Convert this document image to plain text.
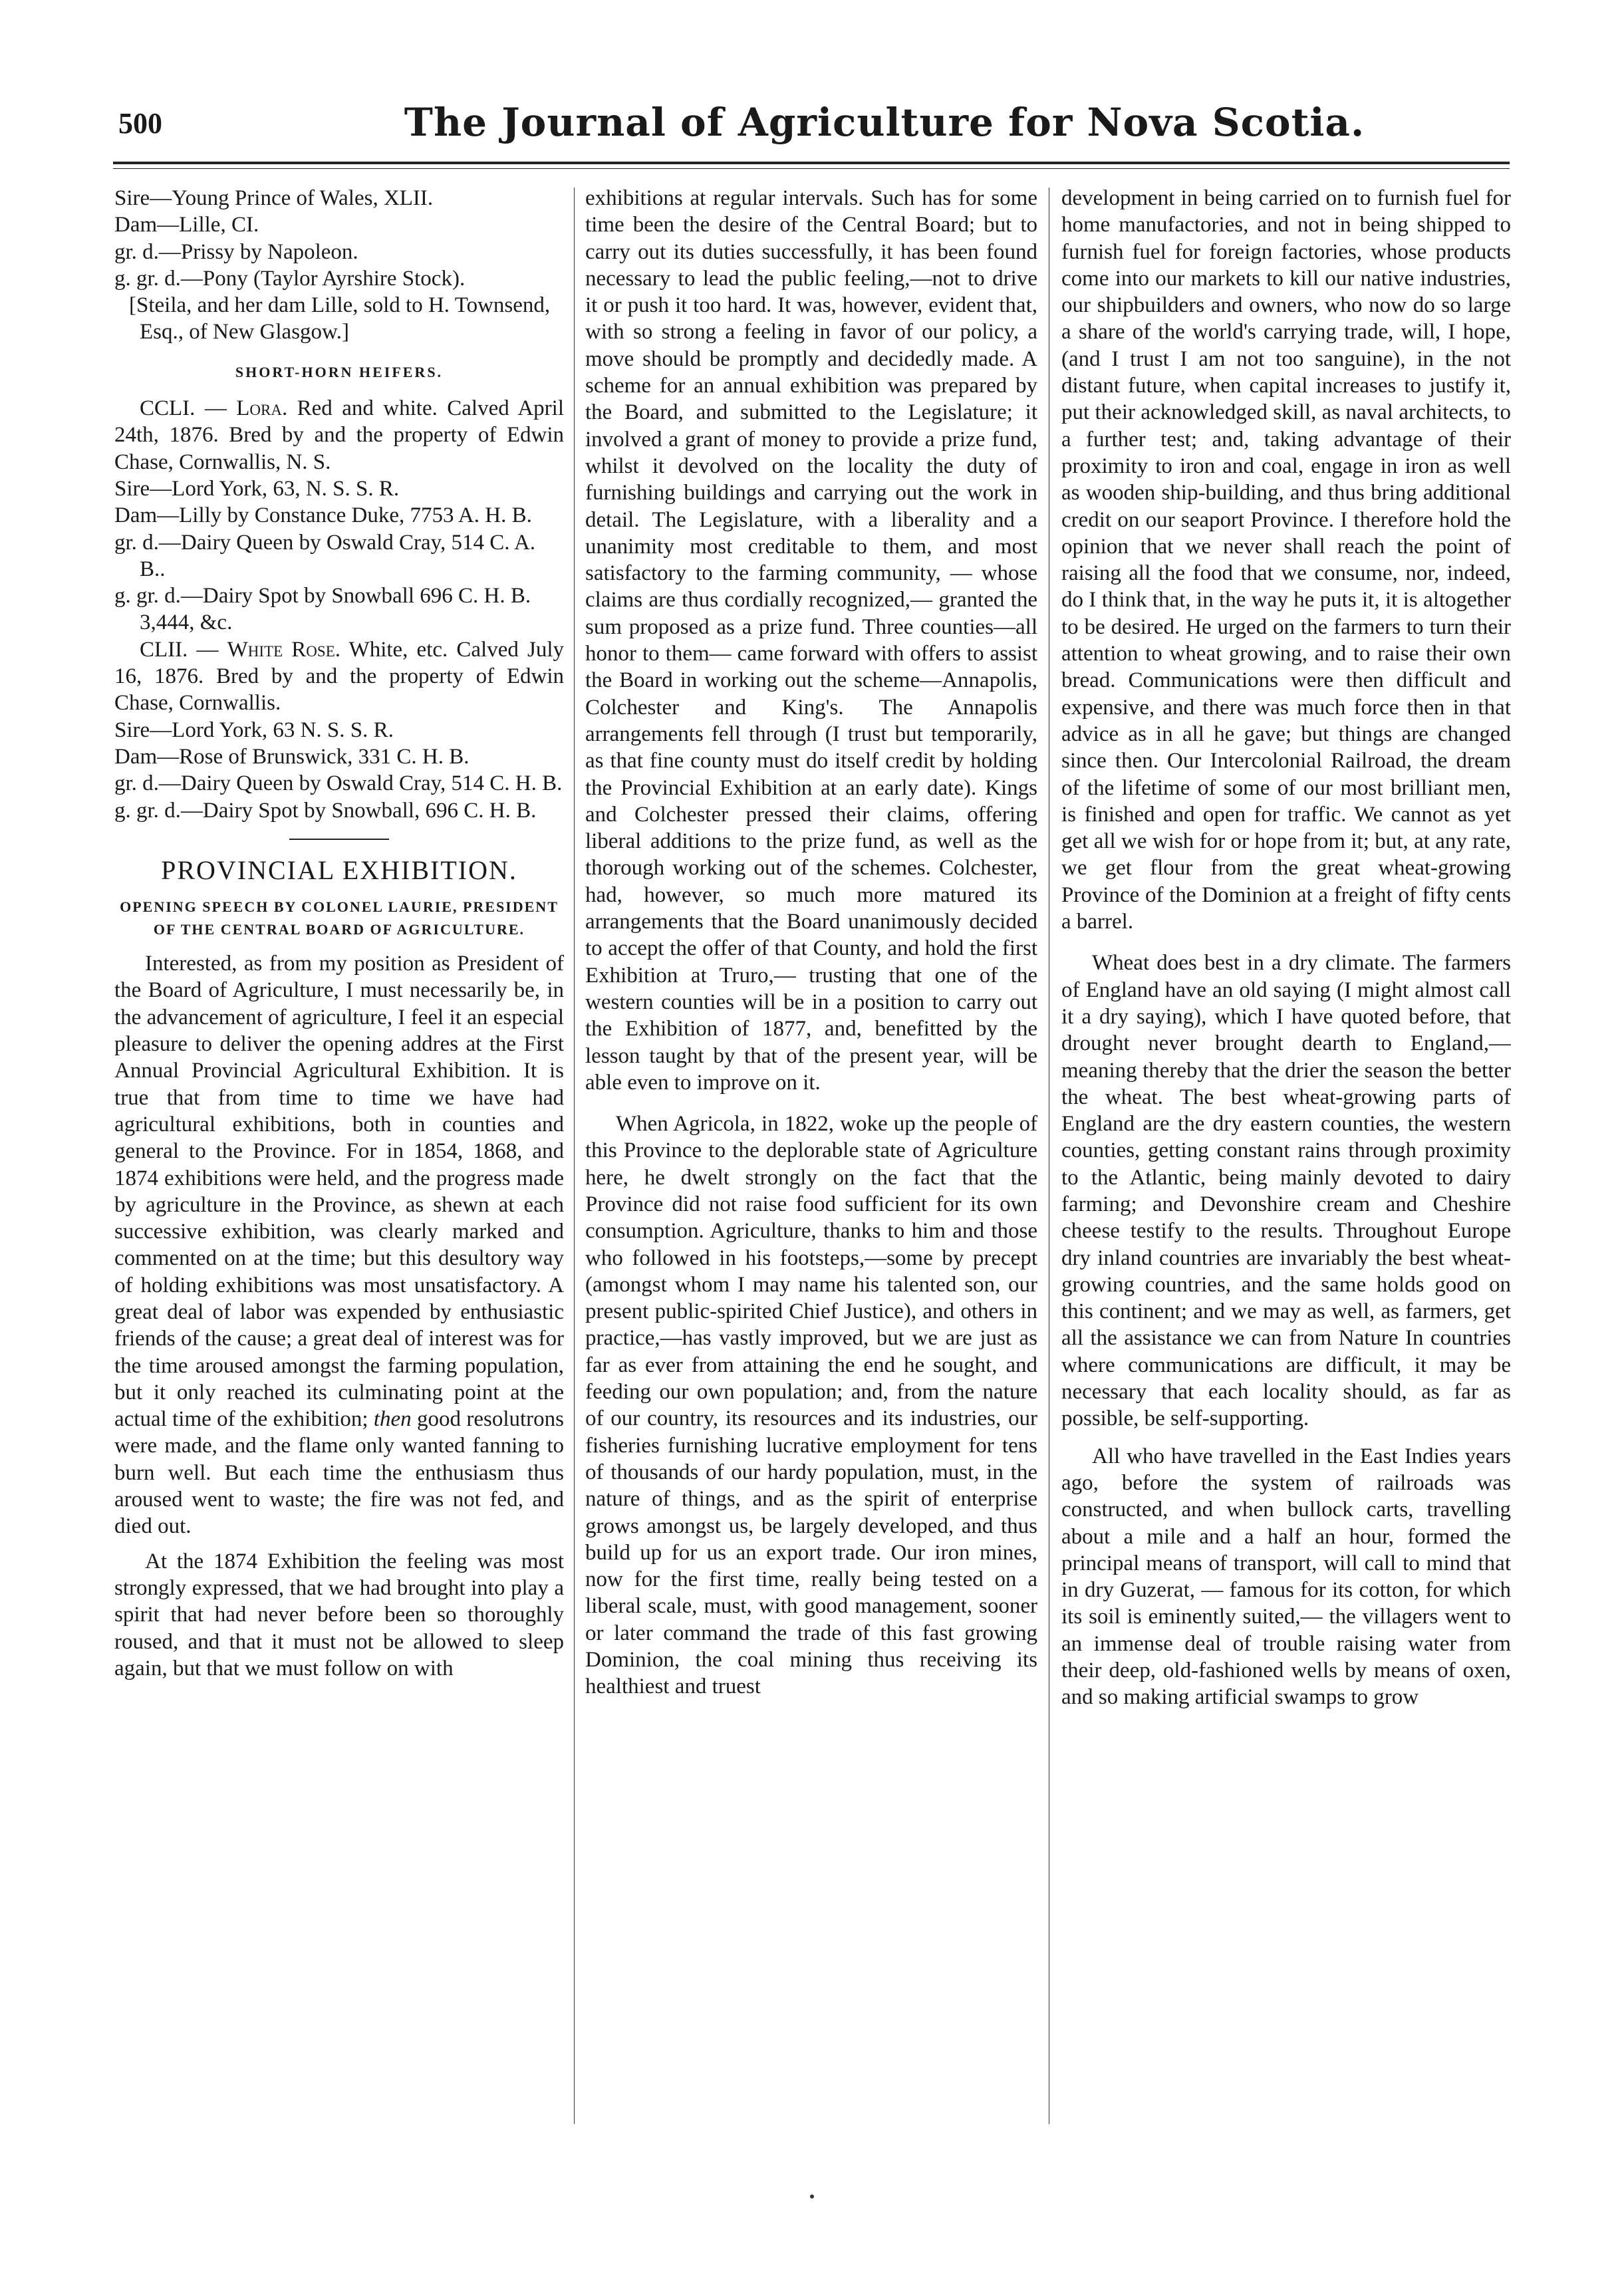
500	The Journal of Agriculture for Nova Scotia.

Sire—Young Prince of Wales, XLII.

Dam—Lille, CI.

gr. d.—Prissy by Napoleon.

g. gr. d.—Pony (Taylor Ayrshire Stock).

[Steila, and her dam Lille, sold to H. Townsend, Esq., of New Glasgow.]

SHORT-HORN HEIFERS.

CCLI. — Lora. Red and white. Calved April 24th, 1876. Bred by and the property of Edwin Chase, Cornwallis, N. S.

Sire—Lord York, 63, N. S. S. R.

Dam—Lilly by Constance Duke, 7753 A. H. B.

gr. d.—Dairy Queen by Oswald Cray, 514 C. A. B..

g. gr. d.—Dairy Spot by Snowball 696 C. H. B. 3,444, &c.

CLII. — White Rose. White, etc. Calved July 16, 1876. Bred by and the property of Edwin Chase, Cornwallis.

Sire—Lord York, 63 N. S. S. R.

Dam—Rose of Brunswick, 331 C. H. B.

gr. d.—Dairy Queen by Oswald Cray, 514 C. H. B.

g. gr. d.—Dairy Spot by Snowball, 696 C. H. B.

PROVINCIAL EXHIBITION.
OPENING SPEECH BY COLONEL LAURIE, PRESIDENT OF THE CENTRAL BOARD OF AGRICULTURE.

Interested, as from my position as President of the Board of Agriculture, I must necessarily be, in the advancement of agriculture, I feel it an especial pleasure to deliver the opening addres at the First Annual Provincial Agricultural Exhibition. It is true that from time to time we have had agricultural exhibitions, both in counties and general to the Province. For in 1854, 1868, and 1874 exhibitions were held, and the progress made by agriculture in the Province, as shewn at each successive exhibition, was clearly marked and commented on at the time; but this desultory way of holding exhibitions was most unsatisfactory. A great deal of labor was expended by enthusiastic friends of the cause; a great deal of interest was for the time aroused amongst the farming population, but it only reached its culminating point at the actual time of the exhibition; then good resolutrons were made, and the flame only wanted fanning to burn well. But each time the enthusiasm thus aroused went to waste; the fire was not fed, and died out.

At the 1874 Exhibition the feeling was most strongly expressed, that we had brought into play a spirit that had never before been so thoroughly roused, and that it must not be allowed to sleep again, but that we must follow on with

exhibitions at regular intervals. Such has for some time been the desire of the Central Board; but to carry out its duties successfully, it has been found necessary to lead the public feeling,—not to drive it or push it too hard. It was, however, evident that, with so strong a feeling in favor of our policy, a move should be promptly and decidedly made. A scheme for an annual exhibition was prepared by the Board, and submitted to the Legislature; it involved a grant of money to provide a prize fund, whilst it devolved on the locality the duty of furnishing buildings and carrying out the work in detail. The Legislature, with a liberality and a unanimity most creditable to them, and most satisfactory to the farming community, — whose claims are thus cordially recognized,— granted the sum proposed as a prize fund. Three counties—all honor to them— came forward with offers to assist the Board in working out the scheme—Annapolis, Colchester and King's. The Annapolis arrangements fell through (I trust but temporarily, as that fine county must do itself credit by holding the Provincial Exhibition at an early date). Kings and Colchester pressed their claims, offering liberal additions to the prize fund, as well as the thorough working out of the schemes. Colchester, had, however, so much more matured its arrangements that the Board unanimously decided to accept the offer of that County, and hold the first Exhibition at Truro,— trusting that one of the western counties will be in a position to carry out the Exhibition of 1877, and, benefitted by the lesson taught by that of the present year, will be able even to improve on it.

When Agricola, in 1822, woke up the people of this Province to the deplorable state of Agriculture here, he dwelt strongly on the fact that the Province did not raise food sufficient for its own consumption. Agriculture, thanks to him and those who followed in his footsteps,—some by precept (amongst whom I may name his talented son, our present public-spirited Chief Justice), and others in practice,—has vastly improved, but we are just as far as ever from attaining the end he sought, and feeding our own population; and, from the nature of our country, its resources and its industries, our fisheries furnishing lucrative employment for tens of thousands of our hardy population, must, in the nature of things, and as the spirit of enterprise grows amongst us, be largely developed, and thus build up for us an export trade. Our iron mines, now for the first time, really being tested on a liberal scale, must, with good management, sooner or later command the trade of this fast growing Dominion, the coal mining thus receiving its healthiest and truest

development in being carried on to furnish fuel for home manufactories, and not in being shipped to furnish fuel for foreign factories, whose products come into our markets to kill our native industries, our shipbuilders and owners, who now do so large a share of the world's carrying trade, will, I hope, (and I trust I am not too sanguine), in the not distant future, when capital increases to justify it, put their acknowledged skill, as naval architects, to a further test; and, taking advantage of their proximity to iron and coal, engage in iron as well as wooden ship-building, and thus bring additional credit on our seaport Province. I therefore hold the opinion that we never shall reach the point of raising all the food that we consume, nor, indeed, do I think that, in the way he puts it, it is altogether to be desired. He urged on the farmers to turn their attention to wheat growing, and to raise their own bread. Communications were then difficult and expensive, and there was much force then in that advice as in all he gave; but things are changed since then. Our Intercolonial Railroad, the dream of the lifetime of some of our most brilliant men, is finished and open for traffic. We cannot as yet get all we wish for or hope from it; but, at any rate, we get flour from the great wheat-growing Province of the Dominion at a freight of fifty cents a barrel.

Wheat does best in a dry climate. The farmers of England have an old saying (I might almost call it a dry saying), which I have quoted before, that drought never brought dearth to England,—meaning thereby that the drier the season the better the wheat. The best wheat-growing parts of England are the dry eastern counties, the western counties, getting constant rains through proximity to the Atlantic, being mainly devoted to dairy farming; and Devonshire cream and Cheshire cheese testify to the results. Throughout Europe dry inland countries are invariably the best wheat-growing countries, and the same holds good on this continent; and we may as well, as farmers, get all the assistance we can from Nature In countries where communications are difficult, it may be necessary that each locality should, as far as possible, be self-supporting.

All who have travelled in the East Indies years ago, before the system of railroads was constructed, and when bullock carts, travelling about a mile and a half an hour, formed the principal means of transport, will call to mind that in dry Guzerat, — famous for its cotton, for which its soil is eminently suited,— the villagers went to an immense deal of trouble raising water from their deep, old-fashioned wells by means of oxen, and so making artificial swamps to grow
